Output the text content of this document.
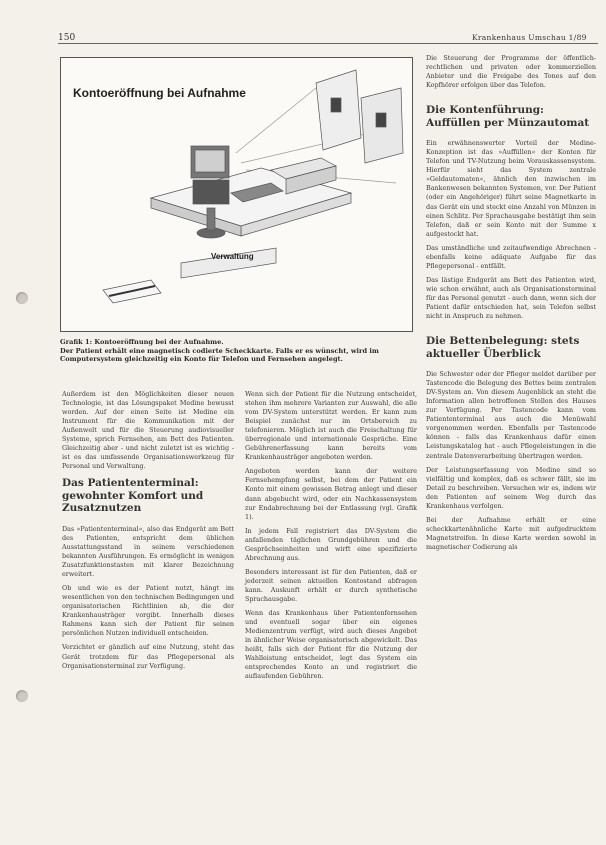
150	Krankenhaus Umschau 1/89
Kontoeröffnung bei Aufnahme
Verwaltung
Grafik 1: Kontoeröffnung bei der Aufnahme.
Der Patient erhält eine magnetisch codierte Scheckkarte. Falls er es wünscht, wird im
Computersystem gleichzeitig ein Konto für Telefon und Fernsehen angelegt.

Außerdem ist den Möglichkeiten dieser neuen Technologie, ist das Lösungspaket Medine bewusst worden. Auf der einen Seite ist Medine ein Instrument für die Kommunikation mit der Außenwelt und für die Steuerung audiovisueller Systeme, sprich Fernsehen, am Bett des Patienten. Gleichzeitig aber - und nicht zuletzt ist es wichtig - ist es das umfassende Organisationswerkzeug für Personal und Verwaltung.

Das Patiententerminal: gewohnter Komfort und Zusatznutzen

Das »Patiententerminal«, also das Endgerät am Bett des Patienten, entspricht dem üblichen Ausstattungsstand in seinem verschiedenen bekannten Ausführungen. Es ermöglicht in wenigen Zusatzfunktionstasten mit klarer Bezeichnung erweitert.

Ob und wie es der Patient nutzt, hängt im wesentlichen von den technischen Bedingungen und organisatorischen Richtlinien ab, die der Krankenhausträger vorgibt. Innerhalb dieses Rahmens kann sich der Patient für seinen persönlichen Nutzen individuell entscheiden.

Verzichtet er gänzlich auf eine Nutzung, steht das Gerät trotzdem für das Pflegepersonal als Organisationsterminal zur Verfügung.

Wenn sich der Patient für die Nutzung entscheidet, stehen ihm mehrere Varianten zur Auswahl, die alle vom DV-System unterstützt werden. Er kann zum Beispiel zunächst nur im Ortsbereich zu telefonieren. Möglich ist auch die Freischaltung für überregionale und internationale Gespräche. Eine Gebührenerfassung kann bereits vom Krankenhausträger angeboten werden.

Angeboten werden kann der weitere Fernsehempfang selbst, bei dem der Patient ein Konto mit einem gewissen Betrag anlegt und dieser dann abgebucht wird, oder ein Nachkassensystem zur Endabrechnung bei der Entlassung (vgl. Grafik 1).

In jedem Fall registriert das DV-System die anfallenden täglichen Grundgebühren und die Gesprächseinheiten und wirft eine spezifizierte Abrechnung aus.

Besonders interessant ist für den Patienten, daß er jederzeit seinen aktuellen Kontostand abfragen kann. Auskunft erhält er durch synthetische Sprachausgabe.

Wenn das Krankenhaus über Patientenfernsehen und eventuell sogar über ein eigenes Medienzentrum verfügt, wird auch dieses Angebot in ähnlicher Weise organisatorisch abgewickelt. Das heißt, falls sich der Patient für die Nutzung der Wahlleistung entscheidet, legt das System ein entsprechendes Konto an und registriert die auflaufenden Gebühren.

Die Steuerung der Programme der öffentlich-rechtlichen und privaten oder kommerziellen Anbieter und die Freigabe des Tones auf den Kopfhörer erfolgen über das Telefon.

Die Kontenführung: Auffüllen per Münzautomat

Ein erwähnenswerter Vorteil der Medine-Konzeption ist das »Auffüllen« der Konten für Telefon und TV-Nutzung beim Vorauskassensystem. Hierfür sieht das System zentrale »Geldautomaten«, ähnlich den inzwischen im Bankenwesen bekannten Systemen, vor. Der Patient (oder ein Angehöriger) führt seine Magnetkarte in das Gerät ein und steckt eine Anzahl von Münzen in einen Schlitz. Per Sprachausgabe bestätigt ihm sein Telefon, daß er sein Konto mit der Summe x aufgestockt hat.

Das umständliche und zeitaufwendige Abrechnen - ebenfalls keine adäquate Aufgabe für das Pflegepersonal - entfällt.

Das lästige Endgerät am Bett des Patienten wird, wie schon erwähnt, auch als Organisationsterminal für das Personal genutzt - auch dann, wenn sich der Patient dafür entschieden hat, sein Telefon selbst nicht in Anspruch zu nehmen.

Die Bettenbelegung: stets aktueller Überblick

Die Schwester oder der Pfleger meldet darüber per Tastencode die Belegung des Bettes beim zentralen DV-System an. Von diesem Augenblick an steht die Information allen betroffenen Stellen des Hauses zur Verfügung. Per Tastencode kann vom Patiententerminal aus auch die Menüwahl vorgenommen werden. Ebenfalls per Tastencode können - falls das Krankenhaus dafür einen Leistungskatalog hat - auch Pflegeleistungen in die zentrale Datenverarbeitung übertragen werden.

Der Leistungserfassung von Medine sind so vielfältig und komplex, daß es schwer fällt, sie im Detail zu beschreiben. Versuchen wir es, indem wir den Patienten auf seinem Weg durch das Krankenhaus verfolgen.

Bei der Aufnahme erhält er eine scheckkartenähnliche Karte mit aufgedrucktem Magnetstreifen. In diese Karte werden sowohl in magnetischer Codierung als
